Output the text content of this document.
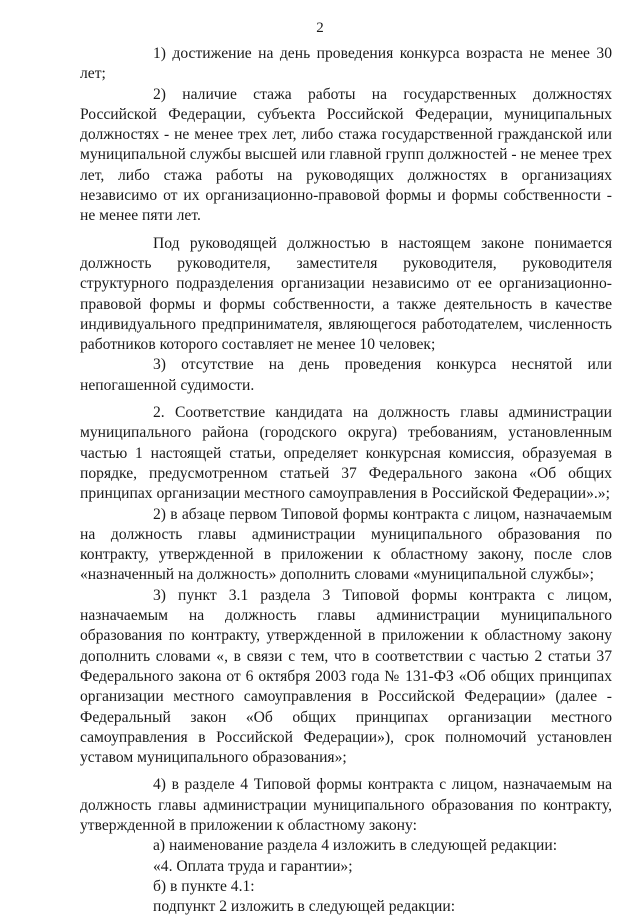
2

1) достижение на день проведения конкурса возраста не менее 30 лет;

2) наличие стажа работы на государственных должностях Российской Федерации, субъекта Российской Федерации, муниципальных должностях - не менее трех лет, либо стажа государственной гражданской или муниципальной службы высшей или главной групп должностей - не менее трех лет, либо стажа работы на руководящих должностях в организациях независимо от их организационно-правовой формы и формы собственности - не менее пяти лет.

Под руководящей должностью в настоящем законе понимается должность руководителя, заместителя руководителя, руководителя структурного подразделения организации независимо от ее организационно-правовой формы и формы собственности, а также деятельность в качестве индивидуального предпринимателя, являющегося работодателем, численность работников которого составляет не менее 10 человек;

3) отсутствие на день проведения конкурса неснятой или непогашенной судимости.

2. Соответствие кандидата на должность главы администрации муниципального района (городского округа) требованиям, установленным частью 1 настоящей статьи, определяет конкурсная комиссия, образуемая в порядке, предусмотренном статьей 37 Федерального закона «Об общих принципах организации местного самоуправления в Российской Федерации».»;

2) в абзаце первом Типовой формы контракта с лицом, назначаемым на должность главы администрации муниципального образования по контракту, утвержденной в приложении к областному закону, после слов «назначенный на должность» дополнить словами «муниципальной службы»;

3) пункт 3.1 раздела 3 Типовой формы контракта с лицом, назначаемым на должность главы администрации муниципального образования по контракту, утвержденной в приложении к областному закону дополнить словами «, в связи с тем, что в соответствии с частью 2 статьи 37 Федерального закона от 6 октября 2003 года № 131-ФЗ «Об общих принципах организации местного самоуправления в Российской Федерации» (далее - Федеральный закон «Об общих принципах организации местного самоуправления в Российской Федерации»), срок полномочий установлен уставом муниципального образования»;

4) в разделе 4 Типовой формы контракта с лицом, назначаемым на должность главы администрации муниципального образования по контракту, утвержденной в приложении к областному закону:

а) наименование раздела 4 изложить в следующей редакции:

«4. Оплата труда и гарантии»;

б) в пункте 4.1:

подпункт 2 изложить в следующей редакции:
